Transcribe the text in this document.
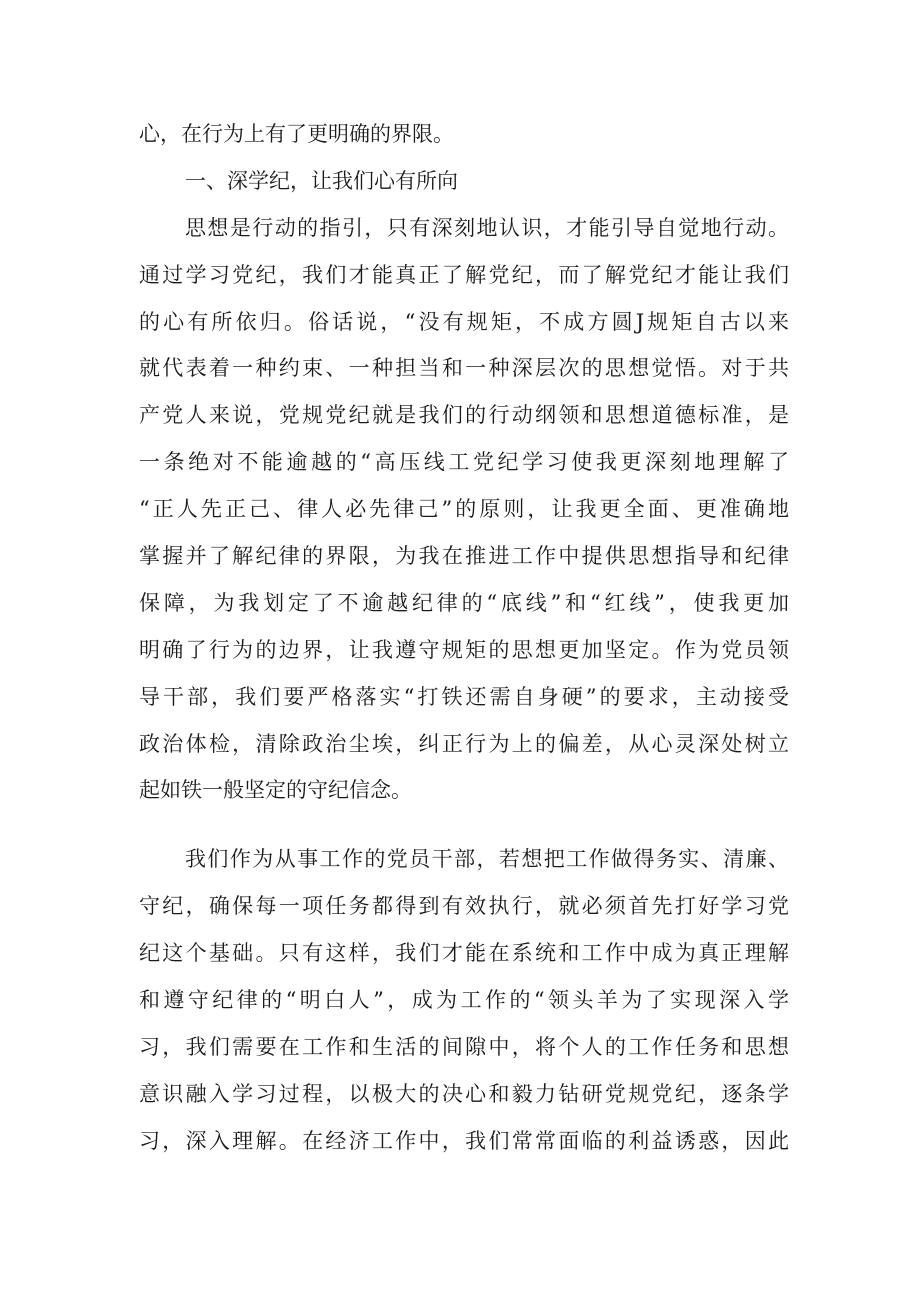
心，在行为上有了更明确的界限。
一、深学纪，让我们心有所向
思想是行动的指引，只有深刻地认识，才能引导自觉地行动。
通过学习党纪，我们才能真正了解党纪，而了解党纪才能让我们
的心有所依归。俗话说，“没有规矩，不成方圆J规矩自古以来
就代表着一种约束、一种担当和一种深层次的思想觉悟。对于共
产党人来说，党规党纪就是我们的行动纲领和思想道德标准，是
一条绝对不能逾越的“高压线工党纪学习使我更深刻地理解了
“正人先正己、律人必先律己”的原则，让我更全面、更准确地
掌握并了解纪律的界限，为我在推进工作中提供思想指导和纪律
保障，为我划定了不逾越纪律的“底线”和“红线”，使我更加
明确了行为的边界，让我遵守规矩的思想更加坚定。作为党员领
导干部，我们要严格落实“打铁还需自身硬”的要求，主动接受
政治体检，清除政治尘埃，纠正行为上的偏差，从心灵深处树立
起如铁一般坚定的守纪信念。
我们作为从事工作的党员干部，若想把工作做得务实、清廉、
守纪，确保每一项任务都得到有效执行，就必须首先打好学习党
纪这个基础。只有这样，我们才能在系统和工作中成为真正理解
和遵守纪律的“明白人”，成为工作的“领头羊为了实现深入学
习，我们需要在工作和生活的间隙中，将个人的工作任务和思想
意识融入学习过程，以极大的决心和毅力钻研党规党纪，逐条学
习，深入理解。在经济工作中，我们常常面临的利益诱惑，因此
